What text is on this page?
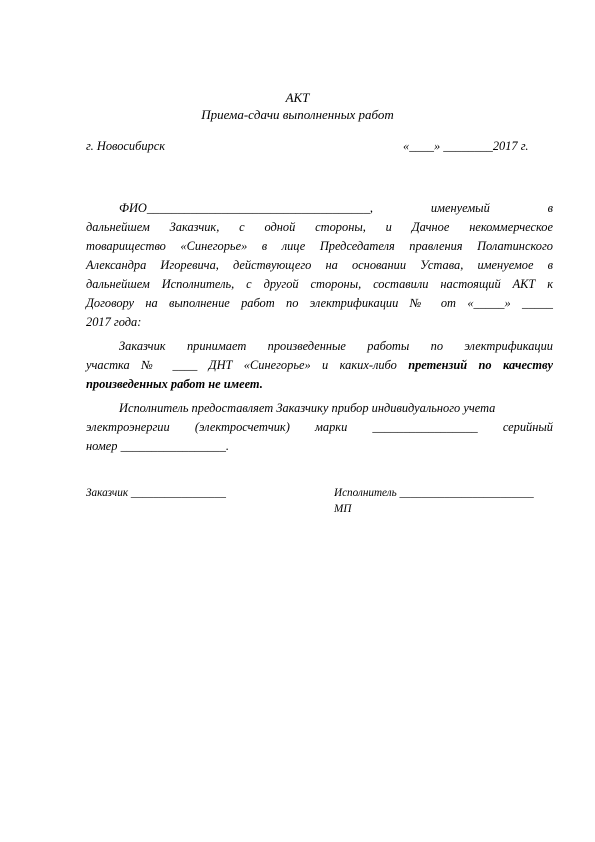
АКТ
Приема-сдачи выполненных работ
г. Новосибирск	«____» ________2017 г.
ФИО____________________________________, именуемый в
дальнейшем Заказчик, с одной стороны, и Дачное некоммерческое
товарищество «Синегорье» в лице Председателя правления Полатинского
Александра Игоревича, действующего на основании Устава, именуемое в
дальнейшем Исполнитель, с другой стороны, составили настоящий АКТ к
Договору на выполнение работ по электрификации № от «_____» _____
2017 года:
Заказчик принимает произведенные работы по электрификации
участка № ____ ДНТ «Синегорье» и каких-либо претензий по качеству
произведенных работ не имеет.
Исполнитель предоставляет Заказчику прибор индивидуального учета
электроэнергии (электросчетчик) марки _________________ серийный
номер _________________.
Заказчик _________________	Исполнитель ________________________
МП
